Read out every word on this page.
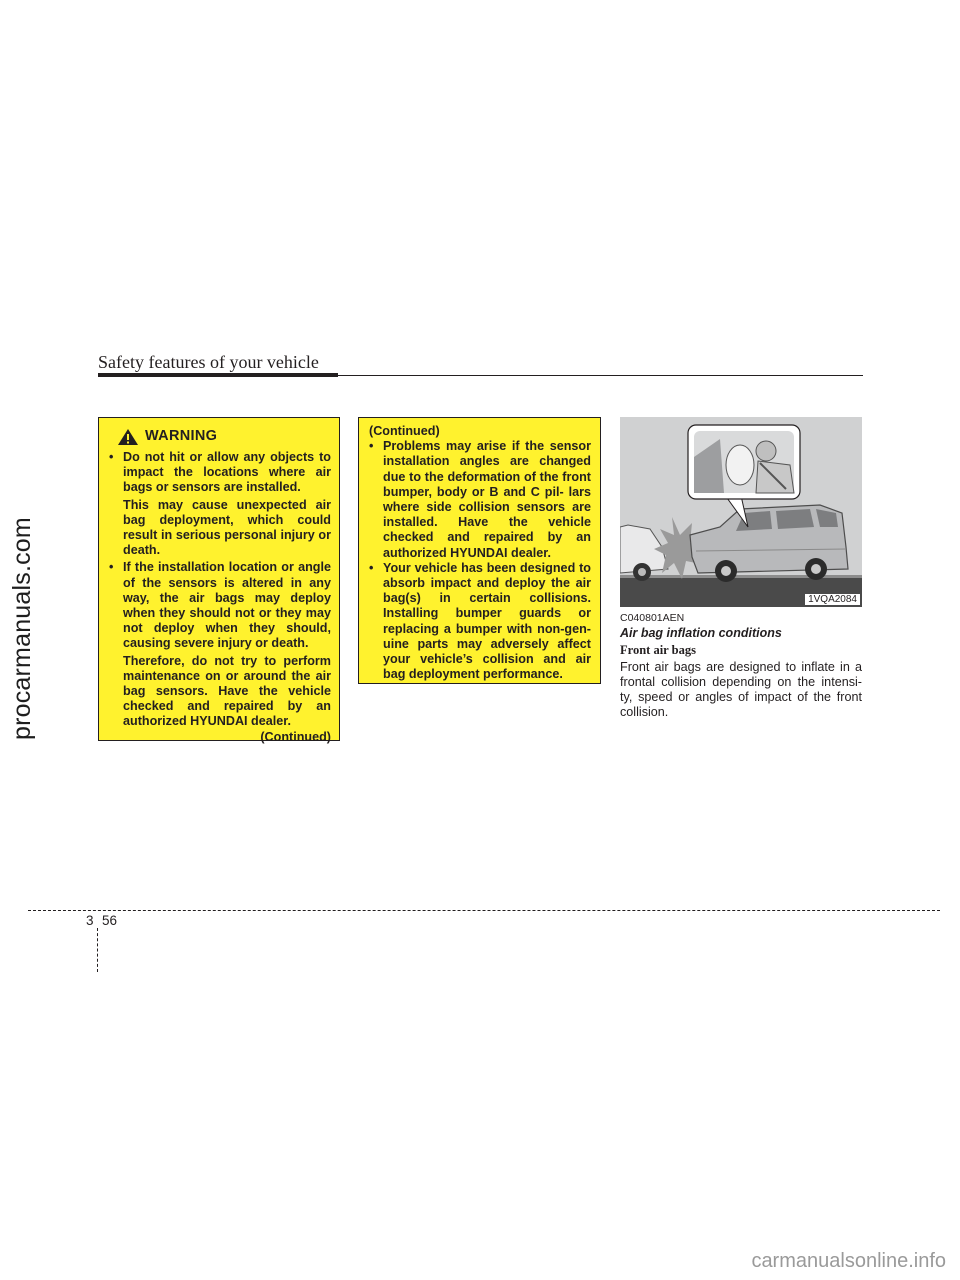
procarmanuals.com
Safety features of your vehicle
WARNING
• Do not hit or allow any objects to impact the locations where air bags or sensors are installed.
This may cause unexpected air bag deployment, which could result in serious personal injury or death.
• If the installation location or angle of the sensors is altered in any way, the air bags may deploy when they should not or they may not deploy when they should, causing severe injury or death.
Therefore, do not try to perform maintenance on or around the air bag sensors. Have the vehicle checked and repaired by an authorized HYUNDAI dealer.
(Continued)
(Continued)
• Problems may arise if the sensor installation angles are changed due to the deformation of the front bumper, body or B and C pil- lars where side collision sensors are installed. Have the vehicle checked and repaired by an authorized HYUNDAI dealer.
• Your vehicle has been designed to absorb impact and deploy the air bag(s) in certain collisions. Installing bumper guards or replacing a bumper with non-gen- uine parts may adversely affect your vehicle’s collision and air bag deployment performance.
1VQA2084
C040801AEN
Air bag inflation conditions
Front air bags
Front air bags are designed to inflate in a frontal collision depending on the intensi- ty, speed or angles of impact of the front collision.
3 56
carmanualsonline.info
